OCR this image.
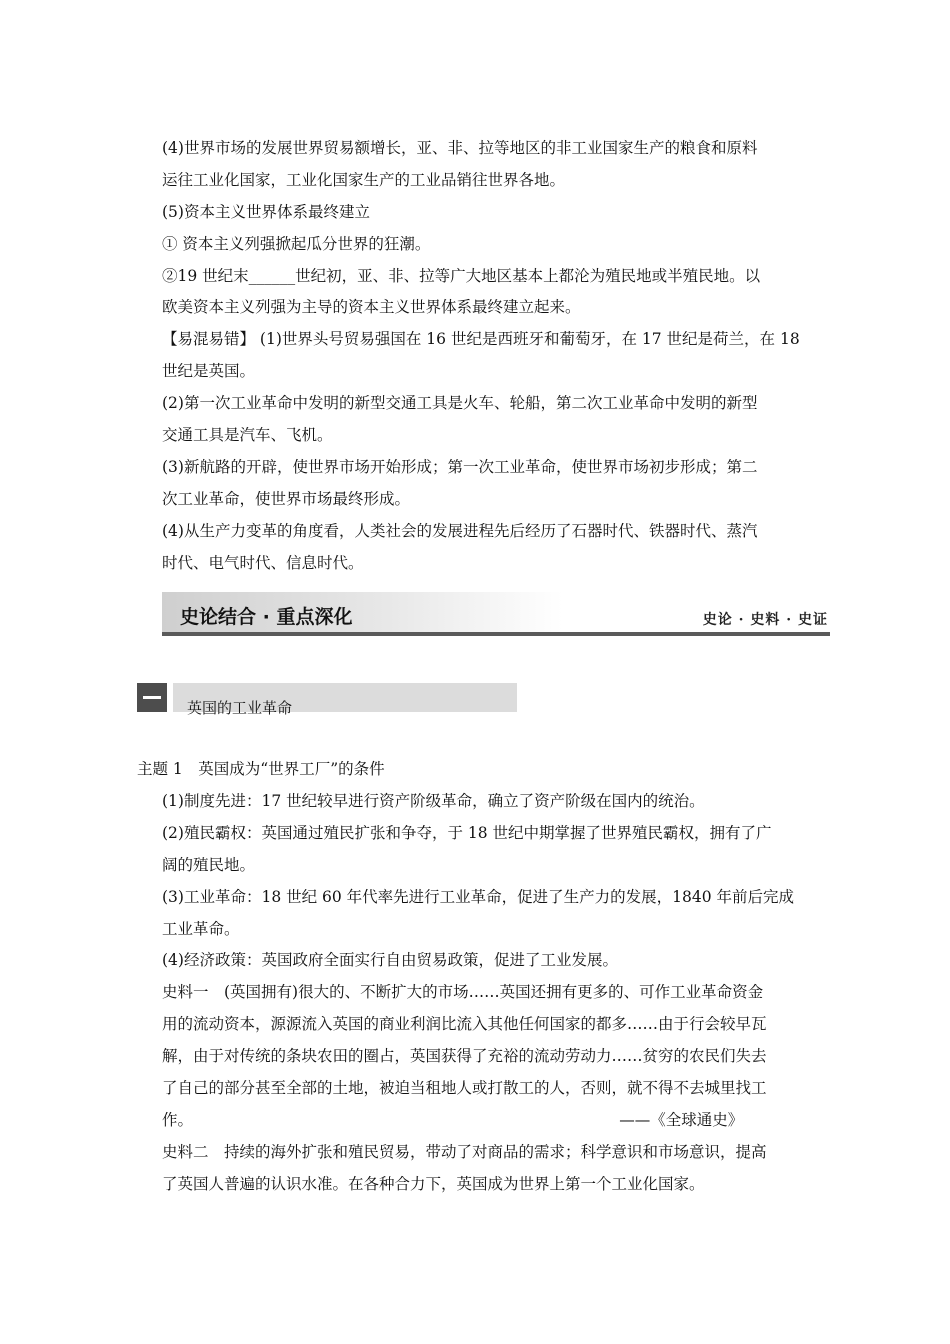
(4)世界市场的发展世界贸易额增长，亚、非、拉等地区的非工业国家生产的粮食和原料
运往工业化国家，工业化国家生产的工业品销往世界各地。
(5)资本主义世界体系最终建立
① 资本主义列强掀起瓜分世界的狂潮。
②19 世纪末______世纪初，亚、非、拉等广大地区基本上都沦为殖民地或半殖民地。以
欧美资本主义列强为主导的资本主义世界体系最终建立起来。
【易混易错】 (1)世界头号贸易强国在 16 世纪是西班牙和葡萄牙，在 17 世纪是荷兰，在 18
世纪是英国。
(2)第一次工业革命中发明的新型交通工具是火车、轮船，第二次工业革命中发明的新型
交通工具是汽车、飞机。
(3)新航路的开辟，使世界市场开始形成；第一次工业革命，使世界市场初步形成；第二
次工业革命，使世界市场最终形成。
(4)从生产力变革的角度看，人类社会的发展进程先后经历了石器时代、铁器时代、蒸汽
时代、电气时代、信息时代。
史论结合 · 重点深化	史论 · 史料 · 史证
英国的工业革命
主题 1　英国成为“世界工厂”的条件
(1)制度先进：17 世纪较早进行资产阶级革命，确立了资产阶级在国内的统治。
(2)殖民霸权：英国通过殖民扩张和争夺，于 18 世纪中期掌握了世界殖民霸权，拥有了广
阔的殖民地。
(3)工业革命：18 世纪 60 年代率先进行工业革命，促进了生产力的发展，1840 年前后完成
工业革命。
(4)经济政策：英国政府全面实行自由贸易政策，促进了工业发展。
史料一　(英国拥有)很大的、不断扩大的市场……英国还拥有更多的、可作工业革命资金
用的流动资本，源源流入英国的商业利润比流入其他任何国家的都多……由于行会较早瓦
解，由于对传统的条块农田的圈占，英国获得了充裕的流动劳动力……贫穷的农民们失去
了自己的部分甚至全部的土地，被迫当租地人或打散工的人，否则，就不得不去城里找工
作。　　　　　　　　　　　　　　　　　　　　　　　　　　　　——《全球通史》
史料二　持续的海外扩张和殖民贸易，带动了对商品的需求；科学意识和市场意识，提高
了英国人普遍的认识水准。在各种合力下，英国成为世界上第一个工业化国家。
